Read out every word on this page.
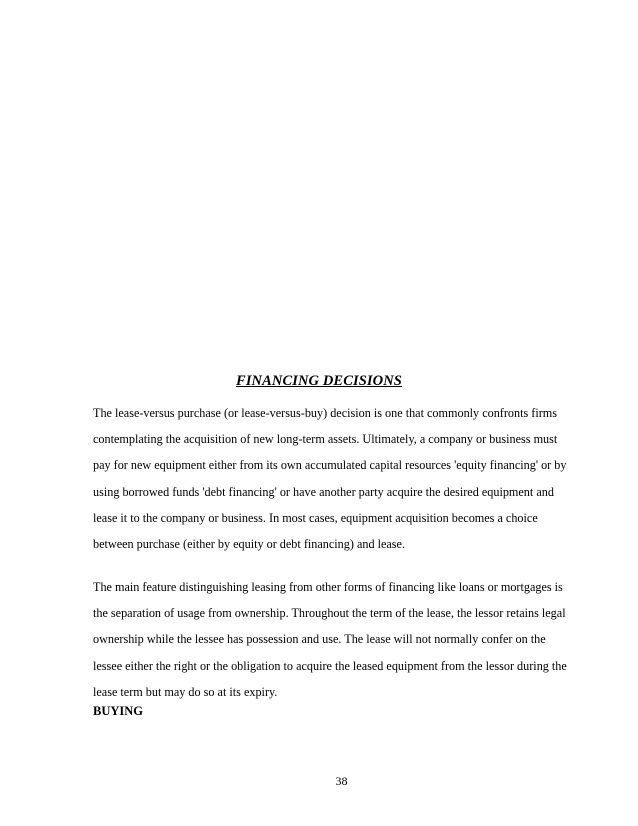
FINANCING DECISIONS
The lease-versus purchase (or lease-versus-buy) decision is one that commonly confronts firms
contemplating the acquisition of new long-term assets. Ultimately, a company or business must
pay for new equipment either from its own accumulated capital resources 'equity financing' or by
using borrowed funds 'debt financing' or have another party acquire the desired equipment and
lease it to the company or business. In most cases, equipment acquisition becomes a choice
between purchase (either by equity or debt financing) and lease.
The main feature distinguishing leasing from other forms of financing like loans or mortgages is
the separation of usage from ownership. Throughout the term of the lease, the lessor retains legal
ownership while the lessee has possession and use. The lease will not normally confer on the
lessee either the right or the obligation to acquire the leased equipment from the lessor during the
lease term but may do so at its expiry.
BUYING
38
